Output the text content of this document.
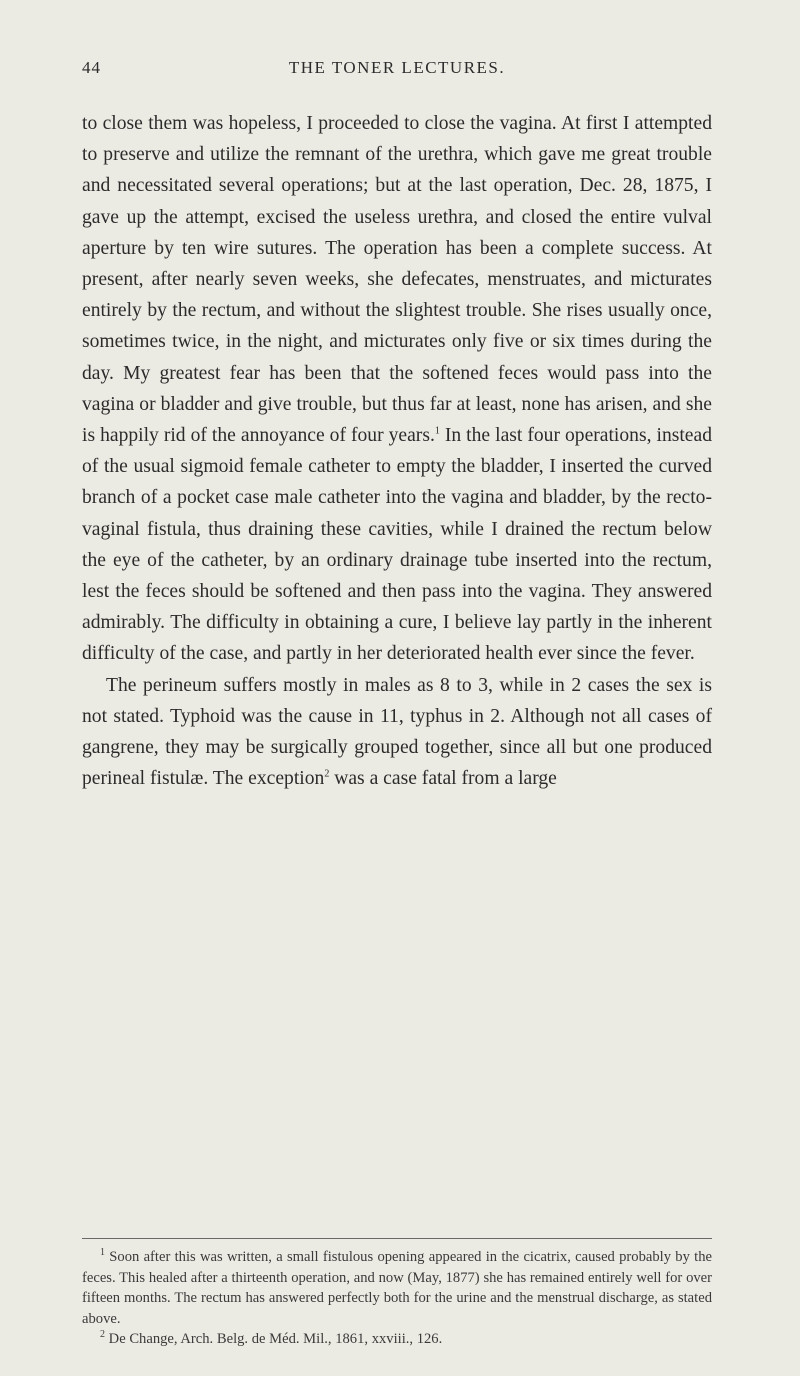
44	THE TONER LECTURES.

to close them was hopeless, I proceeded to close the vagina. At first I attempted to preserve and utilize the remnant of the urethra, which gave me great trouble and necessitated several operations; but at the last operation, Dec. 28, 1875, I gave up the attempt, excised the useless urethra, and closed the entire vulval aperture by ten wire sutures. The operation has been a complete success. At present, after nearly seven weeks, she defecates, menstruates, and micturates entirely by the rectum, and without the slightest trouble. She rises usually once, sometimes twice, in the night, and micturates only five or six times during the day. My greatest fear has been that the softened feces would pass into the vagina or bladder and give trouble, but thus far at least, none has arisen, and she is happily rid of the annoyance of four years.$^1$ In the last four operations, instead of the usual sigmoid female catheter to empty the bladder, I inserted the curved branch of a pocket case male catheter into the vagina and bladder, by the recto-vaginal fistula, thus draining these cavities, while I drained the rectum below the eye of the catheter, by an ordinary drainage tube inserted into the rectum, lest the feces should be softened and then pass into the vagina. They answered admirably. The difficulty in obtaining a cure, I believe lay partly in the inherent difficulty of the case, and partly in her deteriorated health ever since the fever.

The perineum suffers mostly in males as 8 to 3, while in 2 cases the sex is not stated. Typhoid was the cause in 11, typhus in 2. Although not all cases of gangrene, they may be surgically grouped together, since all but one produced perineal fistulæ. The exception$^2$ was a case fatal from a large

$^1$ Soon after this was written, a small fistulous opening appeared in the cicatrix, caused probably by the feces. This healed after a thirteenth operation, and now (May, 1877) she has remained entirely well for over fifteen months. The rectum has answered perfectly both for the urine and the menstrual discharge, as stated above.

$^2$ De Change, Arch. Belg. de Méd. Mil., 1861, xxviii., 126.
